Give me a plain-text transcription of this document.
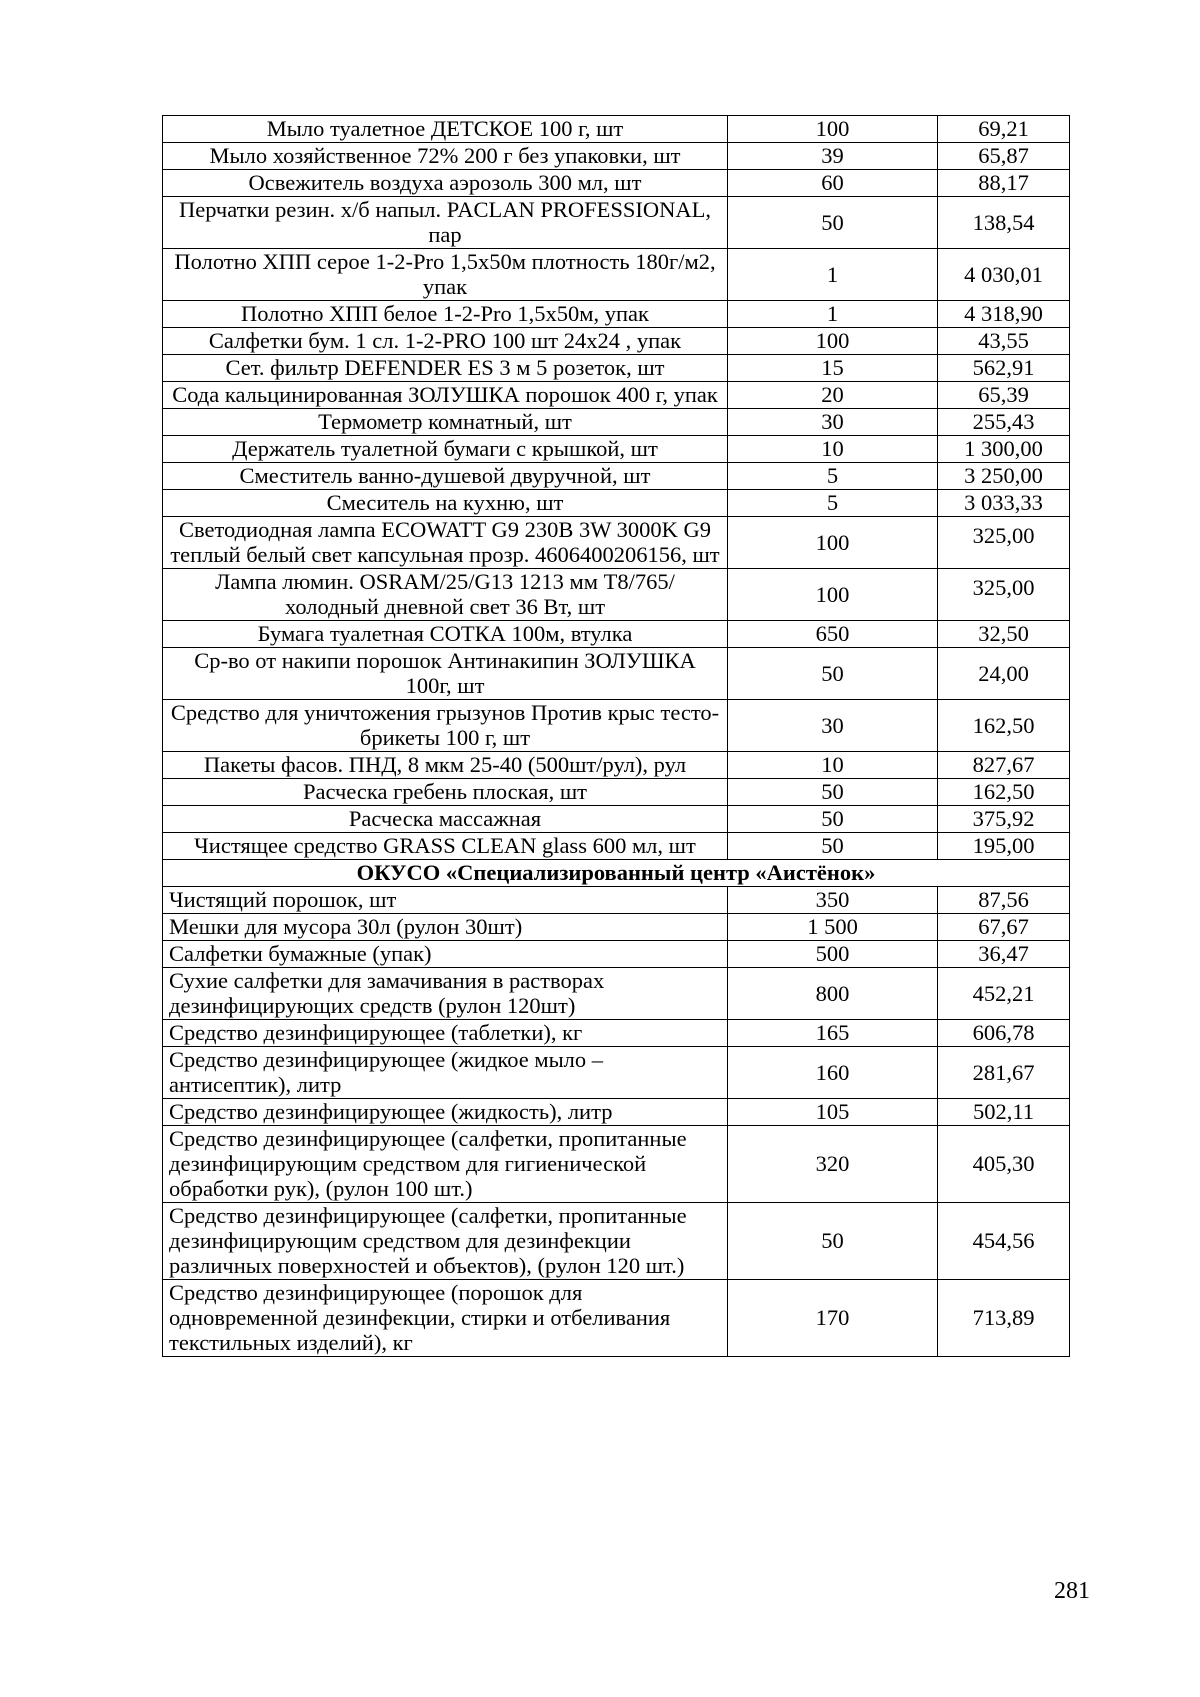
Мыло туалетное ДЕТСКОЕ 100 г, шт	100	69,21
Мыло хозяйственное 72% 200 г без упаковки, шт	39	65,87
Освежитель воздуха аэрозоль 300 мл, шт	60	88,17
Перчатки резин. х/б напыл. PACLAN PROFESSIONAL, пар	50	138,54
Полотно ХПП серое 1-2-Pro 1,5х50м плотность 180г/м2, упак	1	4 030,01
Полотно ХПП белое 1-2-Pro 1,5х50м, упак	1	4 318,90
Салфетки бум. 1 сл. 1-2-PRO 100 шт 24х24 , упак	100	43,55
Сет. фильтр DEFENDER ES 3 м 5 розеток, шт	15	562,91
Сода кальцинированная ЗОЛУШКА порошок 400 г, упак	20	65,39
Термометр комнатный, шт	30	255,43
Держатель туалетной бумаги с крышкой, шт	10	1 300,00
Сместитель ванно-душевой двуручной, шт	5	3 250,00
Смеситель на кухню, шт	5	3 033,33
Светодиодная лампа ECOWATT G9 230В 3W 3000K G9 теплый белый свет капсульная прозр. 4606400206156, шт	100	325,00
Лампа люмин. OSRAM/25/G13 1213 мм T8/765/холодный дневной свет 36 Вт, шт	100	325,00
Бумага туалетная СОТКА 100м, втулка	650	32,50
Ср-во от накипи порошок Антинакипин ЗОЛУШКА 100г, шт	50	24,00
Средство для уничтожения грызунов Против крыс тесто-брикеты 100 г, шт	30	162,50
Пакеты фасов. ПНД, 8 мкм 25-40 (500шт/рул), рул	10	827,67
Расческа гребень плоская, шт	50	162,50
Расческа массажная	50	375,92
Чистящее средство GRASS CLEAN glass 600 мл, шт	50	195,00
ОКУСО «Специализированный центр «Аистёнок»		
Чистящий порошок, шт	350	87,56
Мешки для мусора 30л (рулон 30шт)	1 500	67,67
Салфетки бумажные (упак)	500	36,47
Сухие салфетки для замачивания в растворах дезинфицирующих средств (рулон 120шт)	800	452,21
Средство дезинфицирующее (таблетки), кг	165	606,78
Средство дезинфицирующее (жидкое мыло – антисептик), литр	160	281,67
Средство дезинфицирующее (жидкость), литр	105	502,11
Средство дезинфицирующее (салфетки, пропитанные дезинфицирующим средством для гигиенической обработки рук), (рулон 100 шт.)	320	405,30
Средство дезинфицирующее (салфетки, пропитанные дезинфицирующим средством для дезинфекции различных поверхностей и объектов), (рулон 120 шт.)	50	454,56
Средство дезинфицирующее (порошок для одновременной дезинфекции, стирки и отбеливания текстильных изделий), кг	170	713,89
281
